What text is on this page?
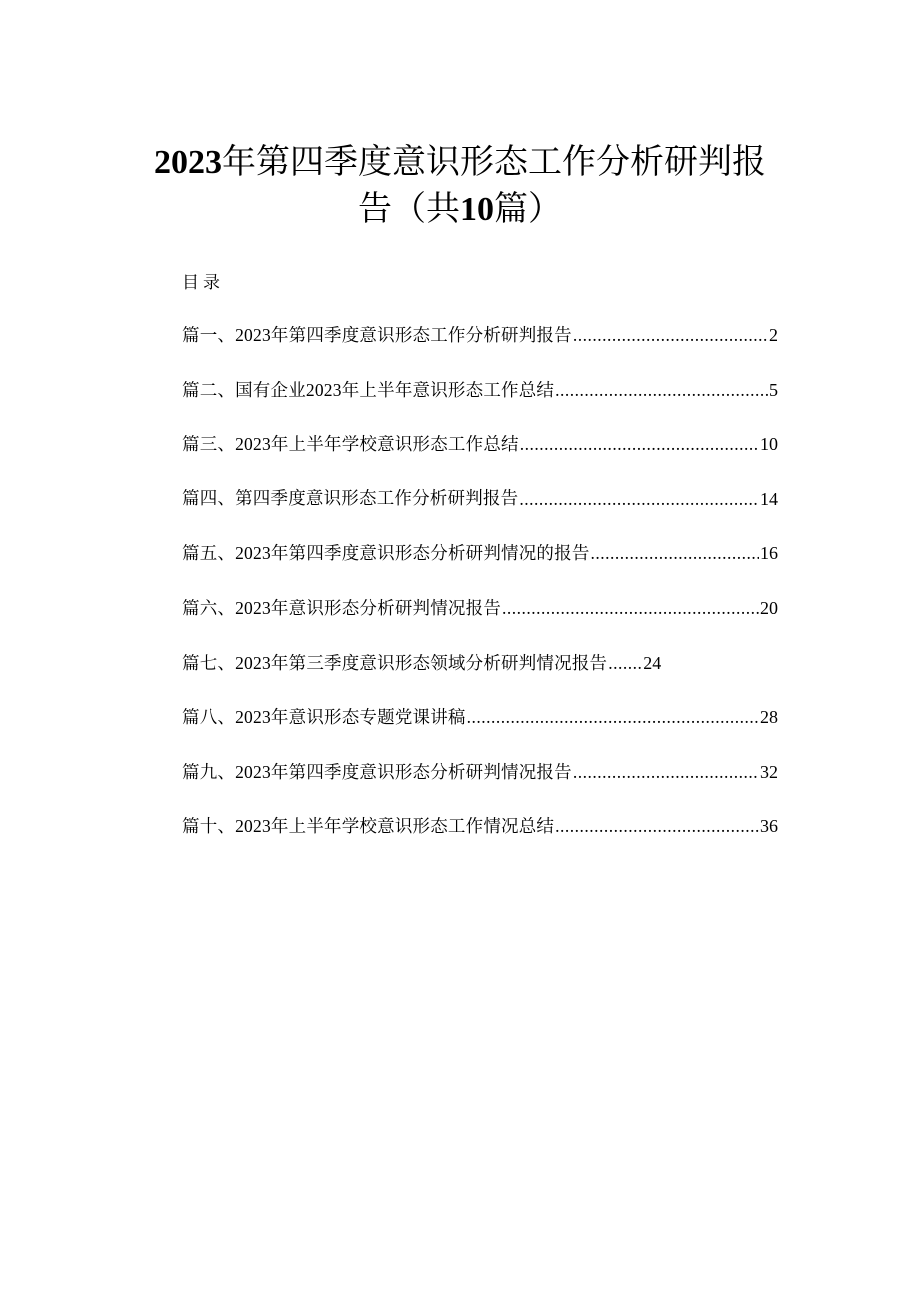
2023年第四季度意识形态工作分析研判报
告（共10篇）
目录
篇一、2023年第四季度意识形态工作分析研判报告 .....	2
篇二、国有企业2023年上半年意识形态工作总结 .....	5
篇三、2023年上半年学校意识形态工作总结 .....	10
篇四、第四季度意识形态工作分析研判报告 .....	14
篇五、2023年第四季度意识形态分析研判情况的报告 .....	16
篇六、2023年意识形态分析研判情况报告 .....	20
篇七、2023年第三季度意识形态领域分析研判情况报告 ..... 24
篇八、2023年意识形态专题党课讲稿 .....	28
篇九、2023年第四季度意识形态分析研判情况报告 .....	32
篇十、2023年上半年学校意识形态工作情况总结 .....	36
